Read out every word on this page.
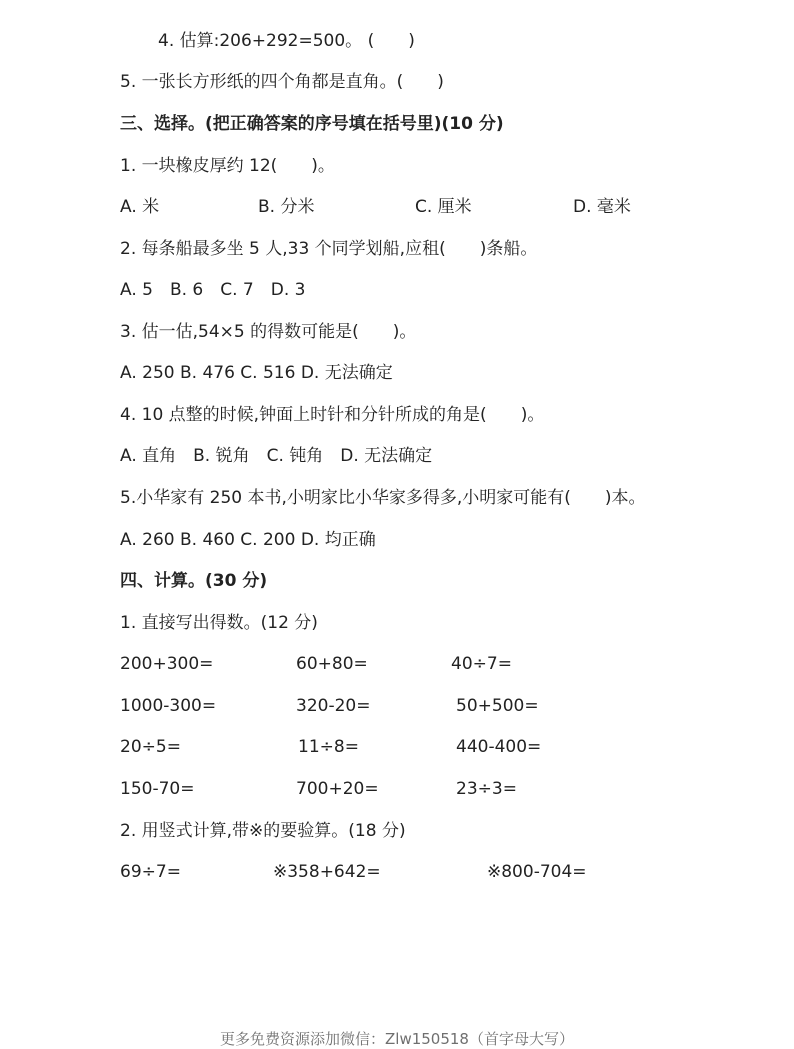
4. 估算:206+292=500。 (　　)
5. 一张长方形纸的四个角都是直角。(　　)
三、选择。(把正确答案的序号填在括号里)(10 分)
1. 一块橡皮厚约 12(　　)。
A. 米	B. 分米	C. 厘米	D. 毫米
2. 每条船最多坐 5 人,33 个同学划船,应租(　　)条船。
A. 5　B. 6　C. 7　D. 3
3. 估一估,54×5 的得数可能是(　　)。
A. 250 B. 476 C. 516 D. 无法确定
4. 10 点整的时候,钟面上时针和分针所成的角是(　　)。
A. 直角　B. 锐角　C. 钝角　D. 无法确定
5.小华家有 250 本书,小明家比小华家多得多,小明家可能有(　　)本。
A. 260 B. 460 C. 200 D. 均正确
四、计算。(30 分)
1. 直接写出得数。(12 分)
200+300=	60+80=	40÷7=
1000-300=	320-20=	50+500=
20÷5=	11÷8=	440-400=
150-70=	700+20=	23÷3=
2. 用竖式计算,带※的要验算。(18 分)
69÷7=	※358+642=	※800-704=
更多免费资源添加微信：Zlw150518（首字母大写）
